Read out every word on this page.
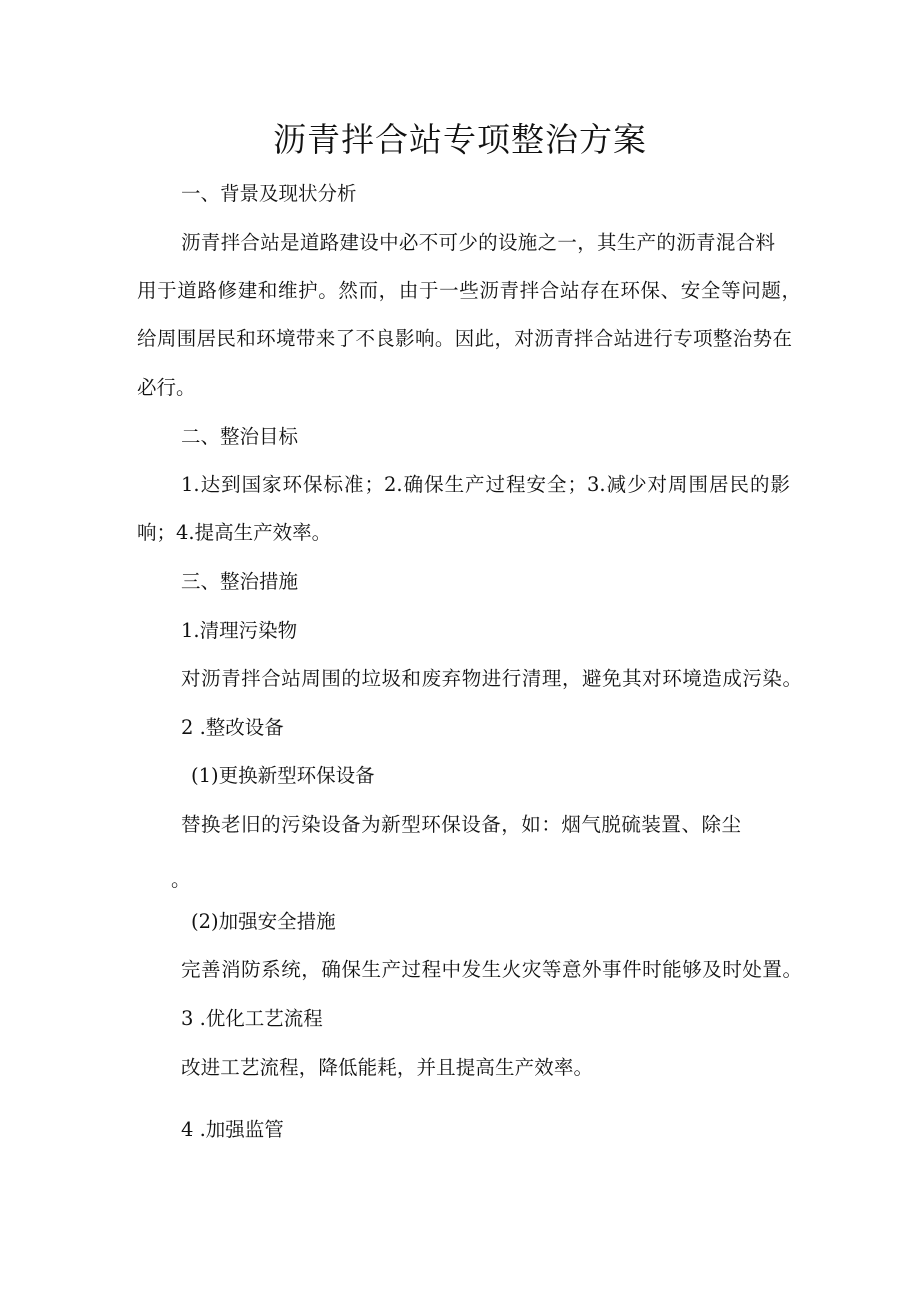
沥青拌合站专项整治方案
一、背景及现状分析
沥青拌合站是道路建设中必不可少的设施之一，其生产的沥青混合料
用于道路修建和维护。然而，由于一些沥青拌合站存在环保、安全等问题，
给周围居民和环境带来了不良影响。因此，对沥青拌合站进行专项整治势在
必行。
二、整治目标
1.达到国家环保标准；2.确保生产过程安全；3.减少对周围居民的影
响；4.提高生产效率。
三、整治措施
1.清理污染物
对沥青拌合站周围的垃圾和废弃物进行清理，避免其对环境造成污染。
2 .整改设备
(1)更换新型环保设备
替换老旧的污染设备为新型环保设备，如：烟气脱硫装置、除尘
。
(2)加强安全措施
完善消防系统，确保生产过程中发生火灾等意外事件时能够及时处置。
3 .优化工艺流程
改进工艺流程，降低能耗，并且提高生产效率。
4 .加强监管
